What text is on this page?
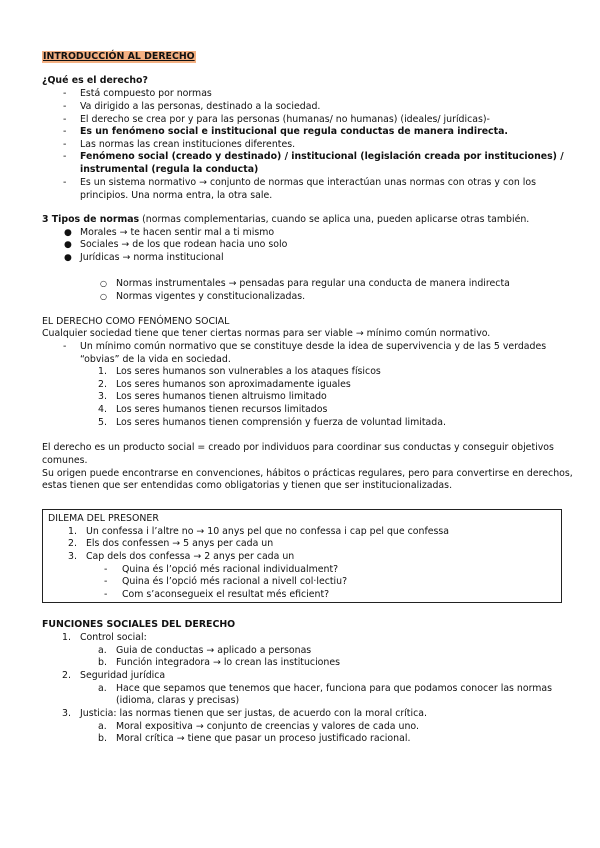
INTRODUCCIÓN AL DERECHO
¿Qué es el derecho?
- Está compuesto por normas
- Va dirigido a las personas, destinado a la sociedad.
- El derecho se crea por y para las personas (humanas/ no humanas) (ideales/ jurídicas)-
- Es un fenómeno social e institucional que regula conductas de manera indirecta.
- Las normas las crean instituciones diferentes.
- Fenómeno social (creado y destinado) / institucional (legislación creada por instituciones) /
instrumental (regula la conducta)
- Es un sistema normativo → conjunto de normas que interactúan unas normas con otras y con los
principios. Una norma entra, la otra sale.
3 Tipos de normas (normas complementarias, cuando se aplica una, pueden aplicarse otras también.
● Morales → te hacen sentir mal a ti mismo
● Sociales → de los que rodean hacia uno solo
● Jurídicas → norma institucional
○ Normas instrumentales → pensadas para regular una conducta de manera indirecta
○ Normas vigentes y constitucionalizadas.
EL DERECHO COMO FENÓMENO SOCIAL
Cualquier sociedad tiene que tener ciertas normas para ser viable → mínimo común normativo.
- Un mínimo común normativo que se constituye desde la idea de supervivencia y de las 5 verdades
“obvias” de la vida en sociedad.
1. Los seres humanos son vulnerables a los ataques físicos
2. Los seres humanos son aproximadamente iguales
3. Los seres humanos tienen altruismo limitado
4. Los seres humanos tienen recursos limitados
5. Los seres humanos tienen comprensión y fuerza de voluntad limitada.
El derecho es un producto social = creado por individuos para coordinar sus conductas y conseguir objetivos
comunes.
Su origen puede encontrarse en convenciones, hábitos o prácticas regulares, pero para convertirse en derechos,
estas tienen que ser entendidas como obligatorias y tienen que ser institucionalizadas.
DILEMA DEL PRESONER
1. Un confessa i l’altre no → 10 anys pel que no confessa i cap pel que confessa
2. Els dos confessen → 5 anys per cada un
3. Cap dels dos confessa → 2 anys per cada un
- Quina és l’opció més racional individualment?
- Quina és l’opció més racional a nivell col·lectiu?
- Com s’aconsegueix el resultat més eficient?
FUNCIONES SOCIALES DEL DERECHO
1. Control social:
a. Guia de conductas → aplicado a personas
b. Función integradora → lo crean las instituciones
2. Seguridad jurídica
a. Hace que sepamos que tenemos que hacer, funciona para que podamos conocer las normas
(idioma, claras y precisas)
3. Justicia: las normas tienen que ser justas, de acuerdo con la moral crítica.
a. Moral expositiva → conjunto de creencias y valores de cada uno.
b. Moral crítica → tiene que pasar un proceso justificado racional.
